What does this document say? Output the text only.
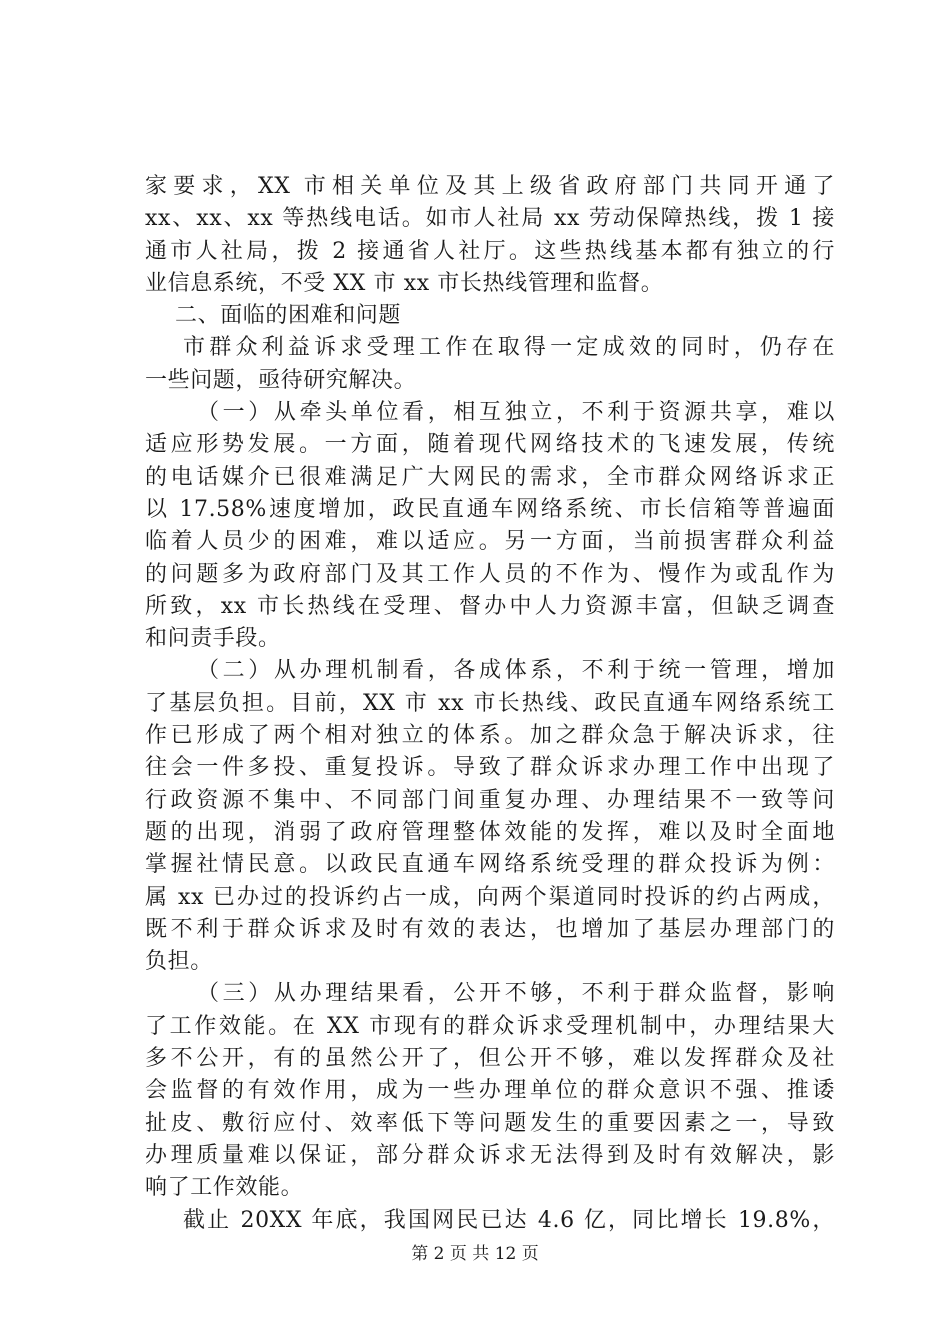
家要求，XX 市相关单位及其上级省政府部门共同开通了
xx、xx、xx 等热线电话。如市人社局 xx 劳动保障热线，拨 1 接
通市人社局，拨 2 接通省人社厅。这些热线基本都有独立的行
业信息系统，不受 XX 市 xx 市长热线管理和监督。
二、面临的困难和问题
市群众利益诉求受理工作在取得一定成效的同时，仍存在
一些问题，亟待研究解决。
（一）从牵头单位看，相互独立，不利于资源共享，难以
适应形势发展。一方面，随着现代网络技术的飞速发展，传统
的电话媒介已很难满足广大网民的需求，全市群众网络诉求正
以 17.58%速度增加，政民直通车网络系统、市长信箱等普遍面
临着人员少的困难，难以适应。另一方面，当前损害群众利益
的问题多为政府部门及其工作人员的不作为、慢作为或乱作为
所致，xx 市长热线在受理、督办中人力资源丰富，但缺乏调查
和问责手段。
（二）从办理机制看，各成体系，不利于统一管理，增加
了基层负担。目前，XX 市 xx 市长热线、政民直通车网络系统工
作已形成了两个相对独立的体系。加之群众急于解决诉求，往
往会一件多投、重复投诉。导致了群众诉求办理工作中出现了
行政资源不集中、不同部门间重复办理、办理结果不一致等问
题的出现，消弱了政府管理整体效能的发挥，难以及时全面地
掌握社情民意。以政民直通车网络系统受理的群众投诉为例：
属 xx 已办过的投诉约占一成，向两个渠道同时投诉的约占两成，
既不利于群众诉求及时有效的表达，也增加了基层办理部门的
负担。
（三）从办理结果看，公开不够，不利于群众监督，影响
了工作效能。在 XX 市现有的群众诉求受理机制中，办理结果大
多不公开，有的虽然公开了，但公开不够，难以发挥群众及社
会监督的有效作用，成为一些办理单位的群众意识不强、推诿
扯皮、敷衍应付、效率低下等问题发生的重要因素之一，导致
办理质量难以保证，部分群众诉求无法得到及时有效解决，影
响了工作效能。
截止 20XX 年底，我国网民已达 4.6 亿，同比增长 19.8%，
第 2 页 共 12 页
